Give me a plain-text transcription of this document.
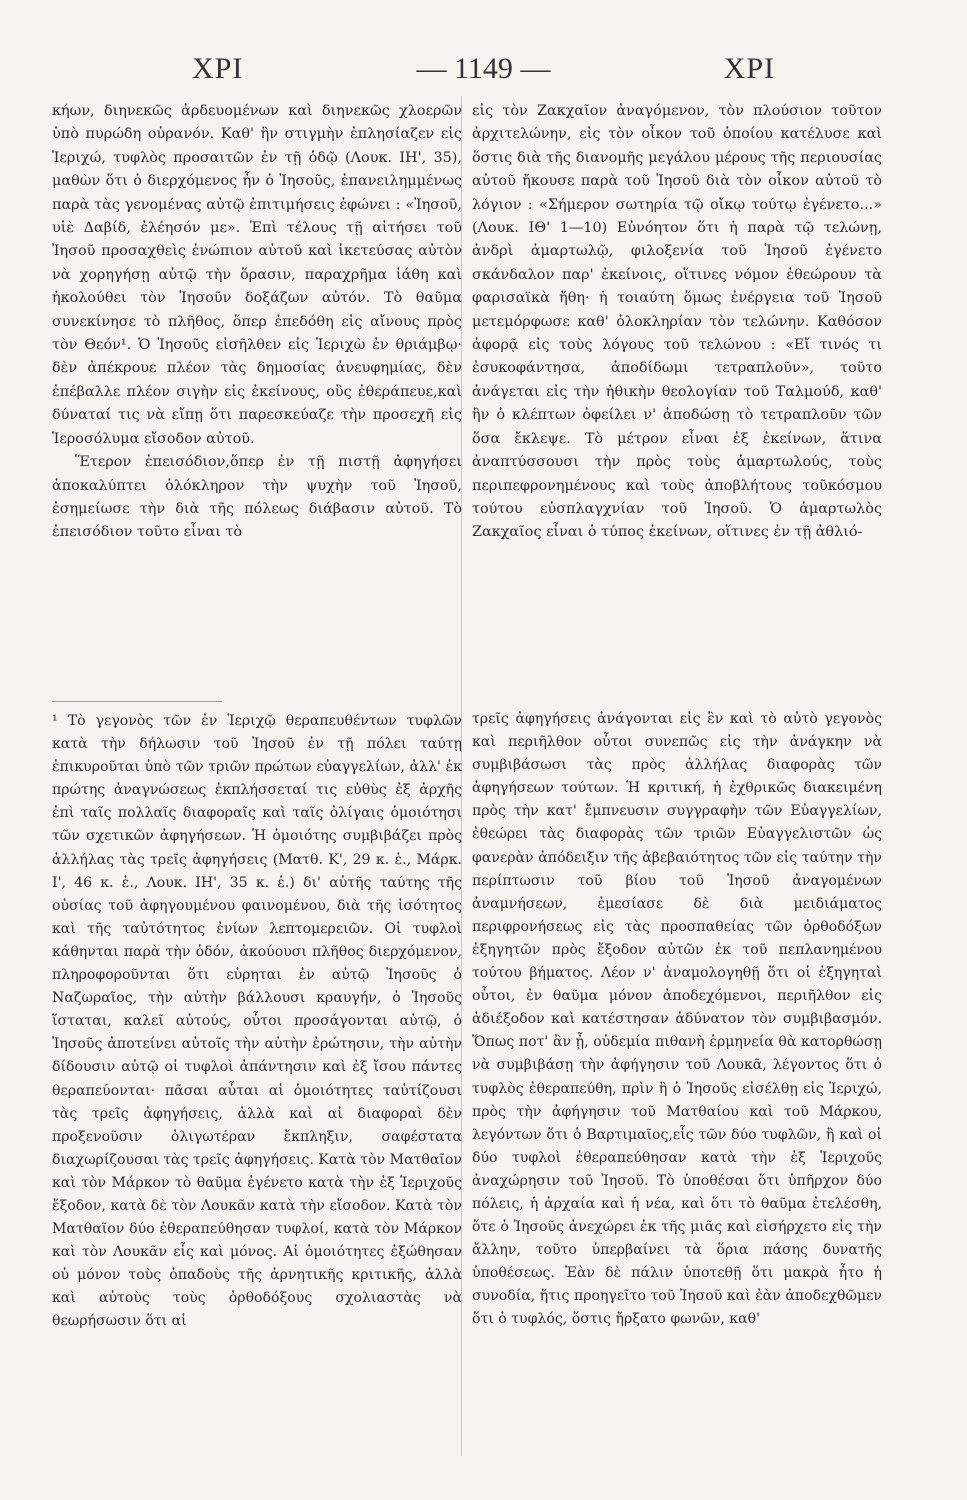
ΧΡΙ	— 1149 —	ΧΡΙ

κήων, διηνεκῶς ἀρδευομένων καὶ διηνεκῶς χλοερῶν ὑπὸ πυρώδη οὐρανόν. Καθ' ἣν στιγμὴν ἐπλησίαζεν εἰς Ἱεριχώ, τυφλὸς προσαιτῶν ἐν τῇ ὁδῷ (Λουκ. ΙΗ', 35), μαθὼν ὅτι ὁ διερχόμενος ἦν ὁ Ἰησοῦς, ἐπανειλημμένως παρὰ τὰς γενομένας αὐτῷ ἐπιτιμήσεις ἐφώνει : «Ἰησοῦ, υἱὲ Δαβίδ, ἐλέησόν με». Ἐπὶ τέλους τῇ αἰτήσει τοῦ Ἰησοῦ προσαχθεὶς ἐνώπιον αὐτοῦ καὶ ἱκετεύσας αὐτὸν νὰ χορηγήσῃ αὐτῷ τὴν ὅρασιν, παραχρῆμα ἰάθη καὶ ἠκολούθει τὸν Ἰησοῦν δοξάζων αὐτόν. Τὸ θαῦμα συνεκίνησε τὸ πλῆθος, ὅπερ ἐπεδόθη εἰς αἴνους πρὸς τὸν Θεόν¹. Ὁ Ἰησοῦς εἰσῆλθεν εἰς Ἱεριχὼ ἐν θριάμβῳ· δὲν ἀπέκρουε πλέον τὰς δημοσίας ἀνευφημίας, δὲν ἐπέβαλλε πλέον σιγὴν εἰς ἐκείνους, οὓς ἐθεράπευε,καὶ δύναταί τις νὰ εἴπῃ ὅτι παρεσκεύαζε τὴν προσεχῆ εἰς Ἱεροσόλυμα εἴσοδον αὐτοῦ.

Ἕτερον ἐπεισόδιον,ὅπερ ἐν τῇ πιστῇ ἀφηγήσει ἀποκαλύπτει ὁλόκληρον τὴν ψυχὴν τοῦ Ἰησοῦ, ἐσημείωσε τὴν διὰ τῆς πόλεως διάβασιν αὐτοῦ. Τὸ ἐπεισόδιον τοῦτο εἶναι τὸ

εἰς τὸν Ζακχαῖον ἀναγόμενον, τὸν πλούσιον τοῦτον ἀρχιτελώνην, εἰς τὸν οἶκον τοῦ ὁποίου κατέλυσε καὶ ὅστις διὰ τῆς διανομῆς μεγάλου μέρους τῆς περιουσίας αὐτοῦ ἤκουσε παρὰ τοῦ Ἰησοῦ διὰ τὸν οἶκον αὐτοῦ τὸ λόγιον : «Σήμερον σωτηρία τῷ οἴκῳ τούτῳ ἐγένετο...» (Λουκ. ΙΘ' 1—10) Εὐνόητον ὅτι ἡ παρὰ τῷ τελώνῃ, ἀνδρὶ ἁμαρτωλῷ, φιλοξενία τοῦ Ἰησοῦ ἐγένετο σκάνδαλον παρ' ἐκείνοις, οἵτινες νόμον ἐθεώρουν τὰ φαρισαϊκὰ ἤθη· ἡ τοιαύτη ὅμως ἐνέργεια τοῦ Ἰησοῦ μετεμόρφωσε καθ' ὁλοκληρίαν τὸν τελώνην. Καθόσον ἀφορᾷ εἰς τοὺς λόγους τοῦ τελώνου : «Εἴ τινός τι ἐσυκοφάντησα, ἀποδίδωμι τετραπλοῦν», τοῦτο ἀνάγεται εἰς τὴν ἠθικὴν θεολογίαν τοῦ Ταλμούδ, καθ' ἣν ὁ κλέπτων ὀφείλει ν' ἀποδώσῃ τὸ τετραπλοῦν τῶν ὅσα ἔκλεψε. Τὸ μέτρον εἶναι ἐξ ἐκείνων, ἅτινα ἀναπτύσσουσι τὴν πρὸς τοὺς ἁμαρτωλούς, τοὺς περιπεφρονημένους καὶ τοὺς ἀποβλήτους τοῦκόσμου τούτου εὐσπλαγχνίαν τοῦ Ἰησοῦ. Ὁ ἁμαρτωλὸς Ζακχαῖος εἶναι ὁ τύπος ἐκείνων, οἵτινες ἐν τῇ ἀθλιό-

¹ Τὸ γεγονὸς τῶν ἐν Ἱεριχῷ θεραπευθέντων τυφλῶν κατὰ τὴν δήλωσιν τοῦ Ἰησοῦ ἐν τῇ πόλει ταύτῃ ἐπικυροῦται ὑπὸ τῶν τριῶν πρώτων εὐαγγελίων, ἀλλ' ἐκ πρώτης ἀναγνώσεως ἐκπλήσσεταί τις εὐθὺς ἐξ ἀρχῆς ἐπὶ ταῖς πολλαῖς διαφοραῖς καὶ ταῖς ὀλίγαις ὁμοιότησι τῶν σχετικῶν ἀφηγήσεων. Ἡ ὁμοιότης συμβιβάζει πρὸς ἀλλήλας τὰς τρεῖς ἀφηγήσεις (Ματθ. Κ', 29 κ. ἑ., Μάρκ. Ι', 46 κ. ἑ., Λουκ. ΙΗ', 35 κ. ἑ.) δι' αὐτῆς ταύτης τῆς οὐσίας τοῦ ἀφηγουμένου φαινομένου, διὰ τῆς ἰσότητος καὶ τῆς ταὐτότητος ἐνίων λεπτομερειῶν. Οἱ τυφλοὶ κάθηνται παρὰ τὴν ὁδόν, ἀκούουσι πλῆθος διερχόμενον, πληροφοροῦνται ὅτι εὑρηται ἐν αὐτῷ Ἰησοῦς ὁ Ναζωραῖος, τὴν αὐτὴν βάλλουσι κραυγήν, ὁ Ἰησοῦς ἵσταται, καλεῖ αὐτούς, οὗτοι προσάγονται αὐτῷ, ὁ Ἰησοῦς ἀποτείνει αὐτοῖς τὴν αὐτὴν ἐρώτησιν, τὴν αὐτὴν δίδουσιν αὐτῷ οἱ τυφλοὶ ἀπάντησιν καὶ ἐξ ἴσου πάντες θεραπεύονται· πᾶσαι αὗται αἱ ὁμοιότητες ταὐτίζουσι τὰς τρεῖς ἀφηγήσεις, ἀλλὰ καὶ αἱ διαφοραὶ δὲν προξενοῦσιν ὀλιγωτέραν ἔκπληξιν, σαφέστατα διαχωρίζουσαι τὰς τρεῖς ἀφηγήσεις. Κατὰ τὸν Ματθαῖον καὶ τὸν Μάρκον τὸ θαῦμα ἐγένετο κατὰ τὴν ἐξ Ἱεριχοῦς ἔξοδον, κατὰ δὲ τὸν Λουκᾶν κατὰ τὴν εἴσοδον. Κατὰ τὸν Ματθαῖον δύο ἐθεραπεύθησαν τυφλοί, κατὰ τὸν Μάρκον καὶ τὸν Λουκᾶν εἷς καὶ μόνος. Αἱ ὁμοιότητες ἐξώθησαν οὐ μόνον τοὺς ὀπαδοὺς τῆς ἀρνητικῆς κριτικῆς, ἀλλὰ καὶ αὐτοὺς τοὺς ὀρθοδόξους σχολιαστὰς νὰ θεωρήσωσιν ὅτι αἱ
τρεῖς ἀφηγήσεις ἀνάγονται εἰς ἓν καὶ τὸ αὐτὸ γεγονὸς καὶ περιῆλθον οὗτοι συνεπῶς εἰς τὴν ἀνάγκην νὰ συμβιβάσωσι τὰς πρὸς ἀλλήλας διαφορὰς τῶν ἀφηγήσεων τούτων. Ἡ κριτική, ἡ ἐχθρικῶς διακειμένη πρὸς τὴν κατ' ἔμπνευσιν συγγραφὴν τῶν Εὐαγγελίων, ἐθεώρει τὰς διαφορὰς τῶν τριῶν Εὐαγγελιστῶν ὡς φανερὰν ἀπόδειξιν τῆς ἀβεβαιότητος τῶν εἰς ταύτην τὴν περίπτωσιν τοῦ βίου τοῦ Ἰησοῦ ἀναγομένων ἀναμνήσεων, ἐμεσίασε δὲ διὰ μειδιάματος περιφρονήσεως εἰς τὰς προσπαθείας τῶν ὀρθοδόξων ἐξηγητῶν πρὸς ἔξοδον αὐτῶν ἐκ τοῦ πεπλανημένου τούτου βήματος. Λέον ν' ἀναμολογηθῇ ὅτι οἱ ἐξηγηταὶ οὗτοι, ἐν θαῦμα μόνον ἀποδεχόμενοι, περιῆλθον εἰς ἀδιέξοδον καὶ κατέστησαν ἀδύνατον τὸν συμβιβασμόν. Ὅπως ποτ' ἂν ᾖ, οὐδεμία πιθανὴ ἑρμηνεία θὰ κατορθώσῃ νὰ συμβιβάσῃ τὴν ἀφήγησιν τοῦ Λουκᾶ, λέγοντος ὅτι ὁ τυφλὸς ἐθεραπεύθη, πρὶν ἢ ὁ Ἰησοῦς εἰσέλθῃ εἰς Ἱεριχώ, πρὸς τὴν ἀφήγησιν τοῦ Ματθαίου καὶ τοῦ Μάρκου, λεγόντων ὅτι ὁ Βαρτιμαῖος,εἷς τῶν δύο τυφλῶν, ἢ καὶ οἱ δύο τυφλοὶ ἐθεραπεύθησαν κατὰ τὴν ἐξ Ἱεριχοῦς ἀναχώρησιν τοῦ Ἰησοῦ. Τὸ ὑποθέσαι ὅτι ὑπῆρχον δύο πόλεις, ἡ ἀρχαία καὶ ἡ νέα, καὶ ὅτι τὸ θαῦμα ἐτελέσθη, ὅτε ὁ Ἰησοῦς ἀνεχώρει ἐκ τῆς μιᾶς καὶ εἰσήρχετο εἰς τὴν ἄλλην, τοῦτο ὑπερβαίνει τὰ ὅρια πάσης δυνατῆς ὑποθέσεως. Ἐὰν δὲ πάλιν ὑποτεθῇ ὅτι μακρὰ ἦτο ἡ συνοδία, ἥτις προηγεῖτο τοῦ Ἰησοῦ καὶ ἐὰν ἀποδεχθῶμεν ὅτι ὁ τυφλός, ὅστις ἤρξατο φωνῶν, καθ'
